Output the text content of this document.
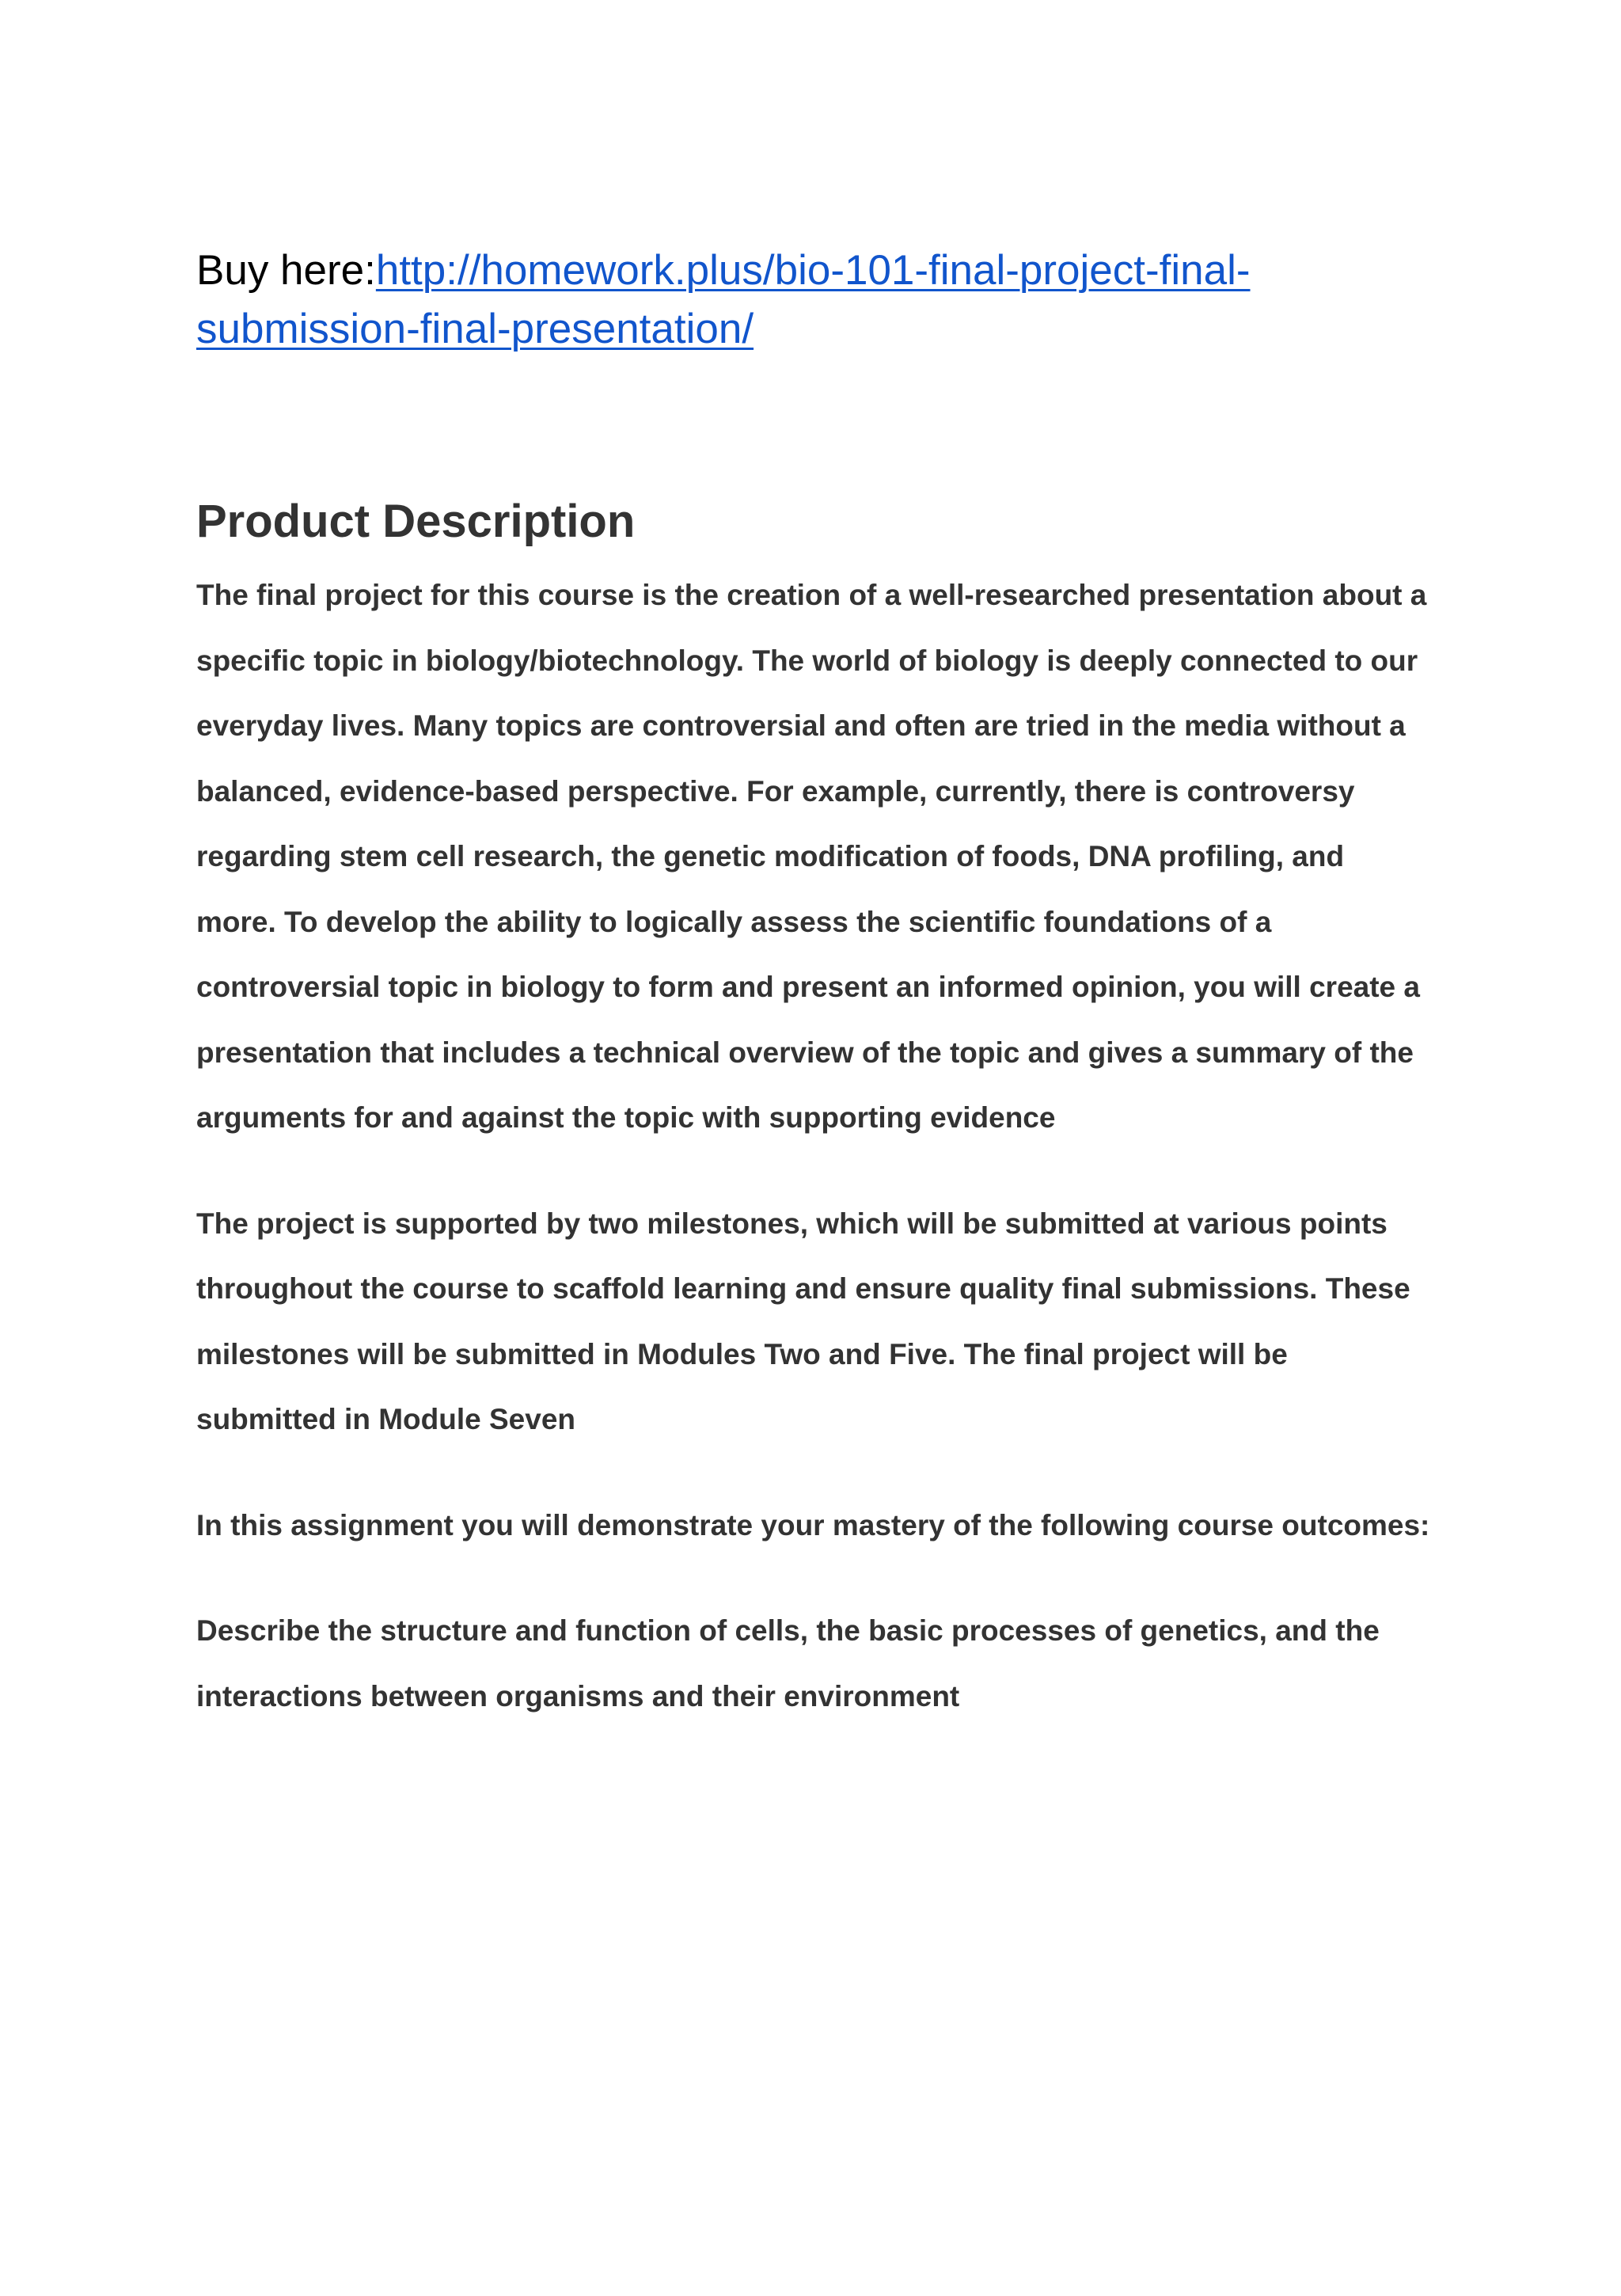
Buy here:http://homework.plus/bio-101-final-project-final-submission-final-presentation/

Product Description

The final project for this course is the creation of a well-researched presentation about a specific topic in biology/biotechnology. The world of biology is deeply connected to our everyday lives. Many topics are controversial and often are tried in the media without a balanced, evidence-based perspective. For example, currently, there is controversy regarding stem cell research, the genetic modification of foods, DNA profiling, and more. To develop the ability to logically assess the scientific foundations of a controversial topic in biology to form and present an informed opinion, you will create a presentation that includes a technical overview of the topic and gives a summary of the arguments for and against the topic with supporting evidence

The project is supported by two milestones, which will be submitted at various points throughout the course to scaffold learning and ensure quality final submissions. These milestones will be submitted in Modules Two and Five. The final project will be submitted in Module Seven

In this assignment you will demonstrate your mastery of the following course outcomes:

Describe the structure and function of cells, the basic processes of genetics, and the interactions between organisms and their environment
